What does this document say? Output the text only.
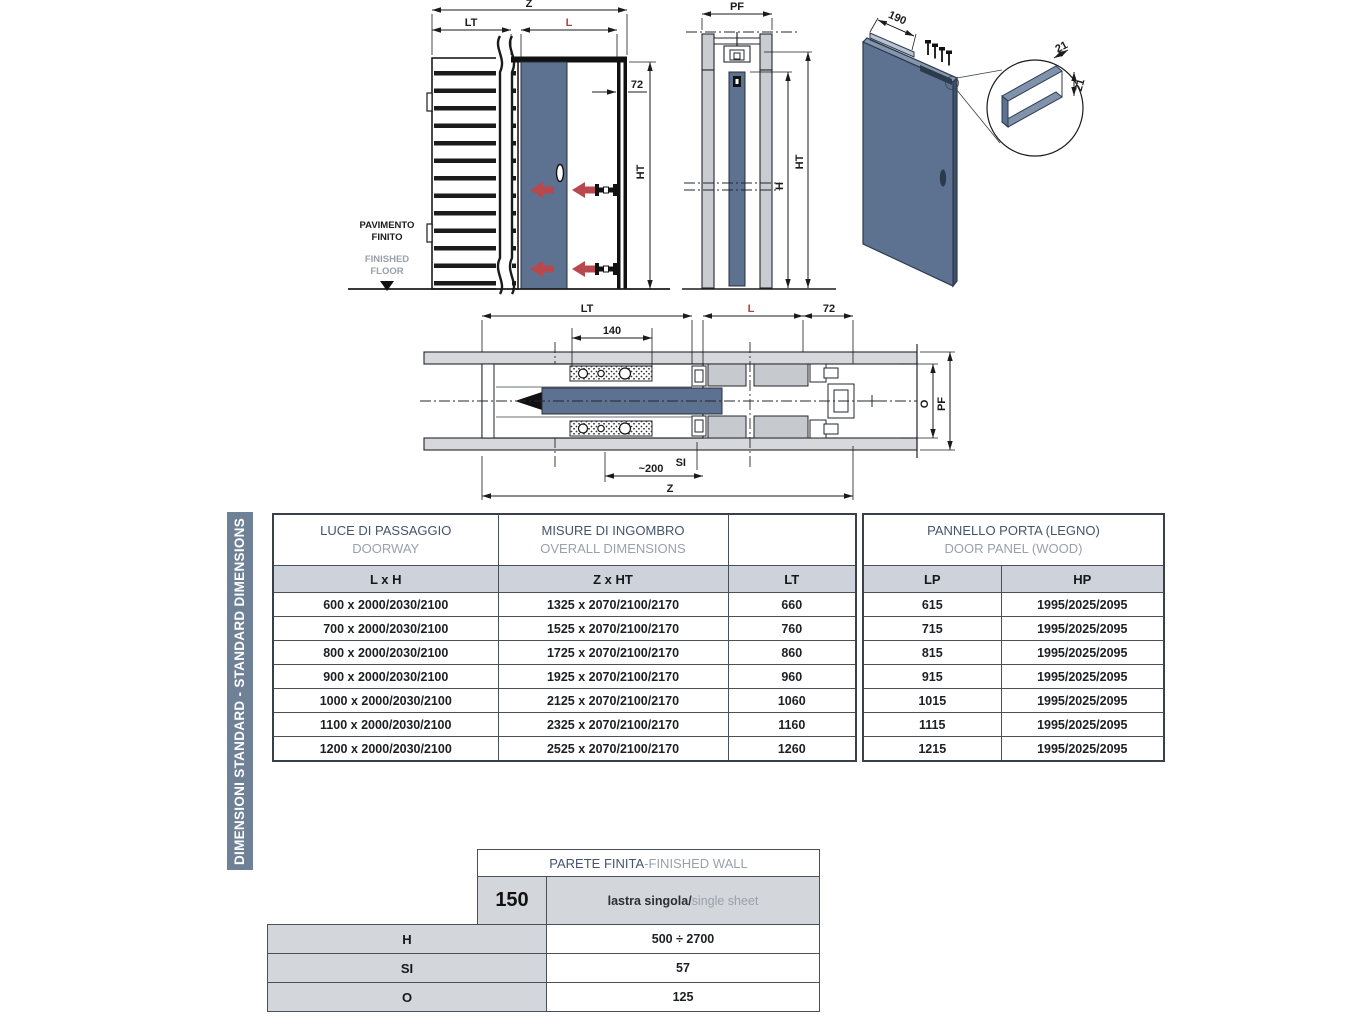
Z
LT	L
72
HT
PAVIMENTO
FINITO
FINISHED
FLOOR
PF
H
HT
190
21
21
LT	L	72
140
SI
~200
Z
O PF
DIMENSIONI STANDARD - STANDARD DIMENSIONS	LUCE DI PASSAGGIO
DOORWAY

MISURE DI INGOMBRO
OVERALL DIMENSIONS

L x H	Z x HT	LT
600 x 2000/2030/2100	1325 x 2070/2100/2170	660
700 x 2000/2030/2100	1525 x 2070/2100/2170	760
800 x 2000/2030/2100	1725 x 2070/2100/2170	860
900 x 2000/2030/2100	1925 x 2070/2100/2170	960
1000 x 2000/2030/2100	2125 x 2070/2100/2170	1060
1100 x 2000/2030/2100	2325 x 2070/2100/2170	1160
1200 x 2000/2030/2100	2525 x 2070/2100/2170	1260
PANNELLO PORTA (LEGNO)
DOOR PANEL (WOOD)	

LP	HP
615	1995/2025/2095
715	1995/2025/2095
815	1995/2025/2095
915	1995/2025/2095
1015	1995/2025/2095
1115	1995/2025/2095
1215	1995/2025/2095
PARETE FINITA - FINISHED WALL
150	lastra singola / single sheet
H	500 ÷ 2700
SI	57
O	125
